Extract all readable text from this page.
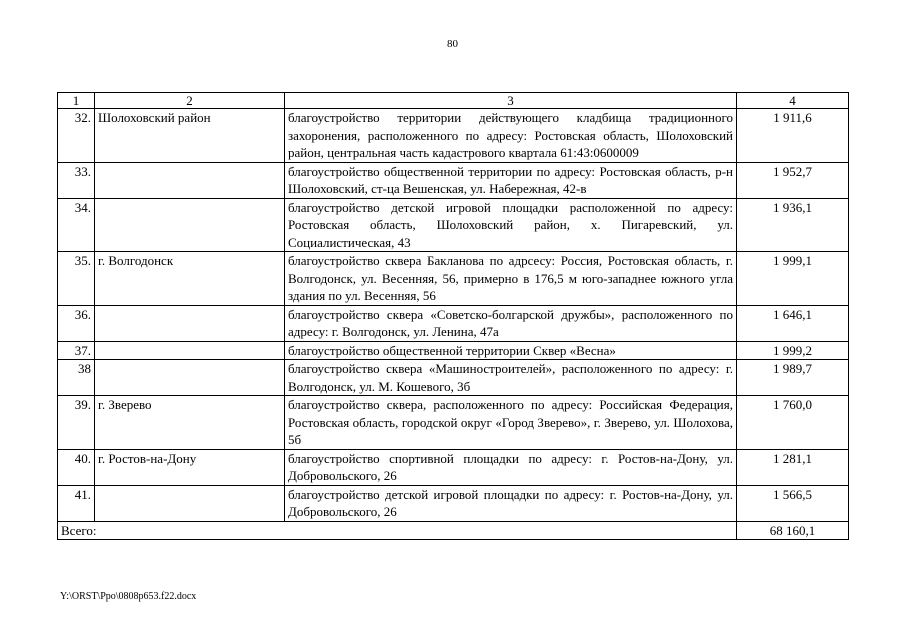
80
1	2	3	4
32.	Шолоховский район	благоустройство территории действующего кладбища традиционного захоронения, расположенного по адресу: Ростовская область, Шолоховский район, центральная часть кадастрового квартала 61:43:0600009	1 911,6
33.		благоустройство общественной территории по адресу: Ростовская область, р-н Шолоховский, ст-ца Вешенская, ул. Набережная, 42-в	1 952,7
34.		благоустройство детской игровой площадки расположенной по адресу: Ростовская область, Шолоховский район, х. Пигаревский, ул. Социалистическая, 43	1 936,1
35.	г. Волгодонск	благоустройство сквера Бакланова по адрсесу: Россия, Ростовская область, г. Волгодонск, ул. Весенняя, 56, примерно в 176,5 м юго-западнее южного угла здания по ул. Весенняя, 56	1 999,1
36.		благоустройство сквера «Советско-болгарской дружбы», расположенного по адресу: г. Волгодонск, ул. Ленина, 47а	1 646,1
37.		благоустройство общественной территории Сквер «Весна»	1 999,2
38		благоустройство сквера «Машиностроителей», расположенного по адресу: г. Волгодонск, ул. М. Кошевого, 3б	1 989,7
39.	г. Зверево	благоустройство сквера, расположенного по адресу: Российская Федерация, Ростовская область, городской округ «Город Зверево», г. Зверево, ул. Шолохова, 5б	1 760,0
40.	г. Ростов-на-Дону	благоустройство спортивной площадки по адресу: г. Ростов-на-Дону, ул. Добровольского, 26	1 281,1
41.		благоустройство детской игровой площадки по адресу: г. Ростов-на-Дону, ул. Добровольского, 26	1 566,5
Всего:			68 160,1
Y:\ORST\Ppo\0808p653.f22.docx
